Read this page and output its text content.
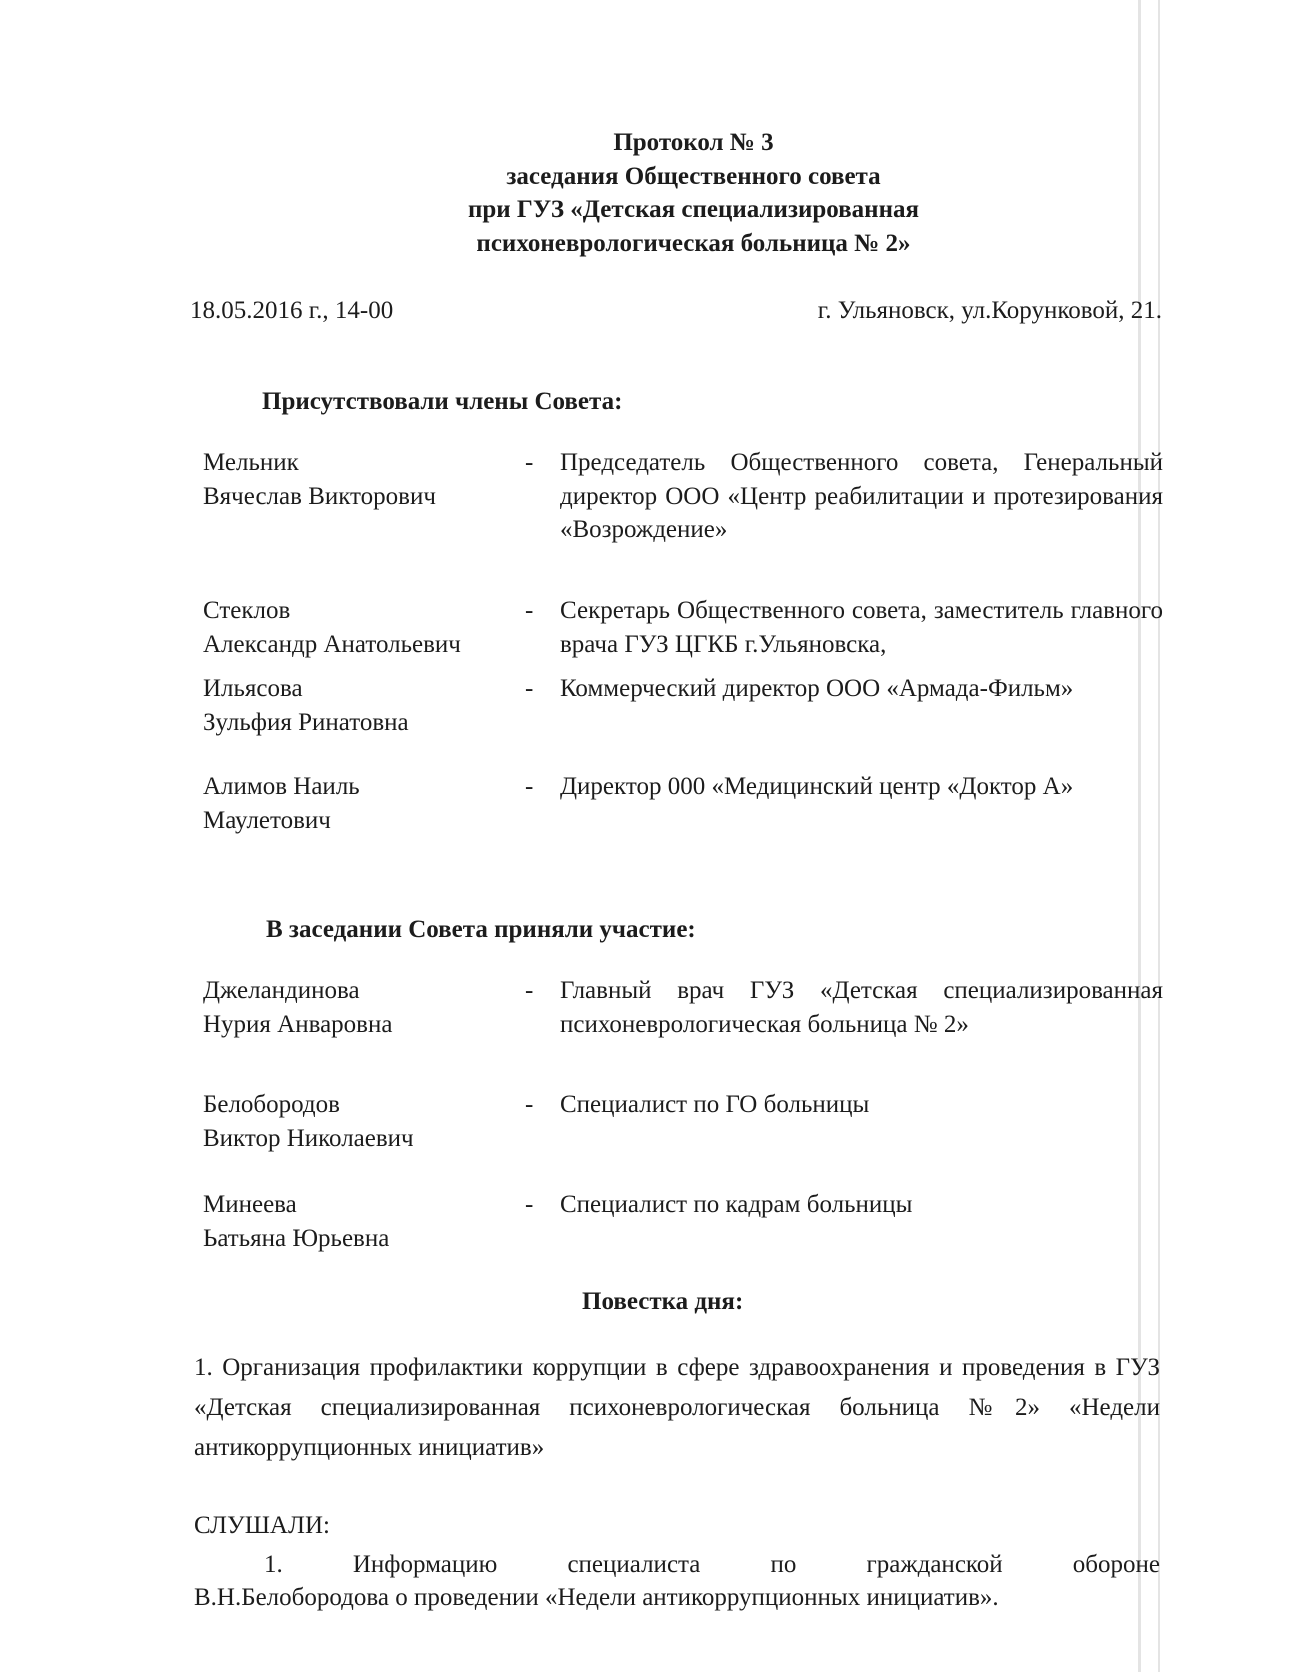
Протокол № 3
заседания Общественного совета
при ГУЗ «Детская специализированная
психоневрологическая больница № 2»
18.05.2016 г., 14-00	г. Ульяновск, ул.Корунковой, 21.
Присутствовали члены Совета:
Мельник
Вячеслав Викторович
- Председатель Общественного совета, Генеральный директор ООО «Центр реабилитации и протезирования «Возрождение»
Стеклов
Александр Анатольевич
- Секретарь Общественного совета, заместитель главного врача ГУЗ ЦГКБ г.Ульяновска,
Ильясова
Зульфия Ринатовна
- Коммерческий директор ООО «Армада-Фильм»
Алимов Наиль
Маулетович
- Директор 000 «Медицинский центр «Доктор А»
В заседании Совета приняли участие:
Джеландинова
Нурия Анваровна
- Главный врач ГУЗ «Детская специализированная психоневрологическая больница № 2»
Белобородов
Виктор Николаевич
- Специалист по ГО больницы
Минеева
Ьатьяна Юрьевна
- Специалист по кадрам больницы
Повестка дня:
1. Организация профилактики коррупции в сфере здравоохранения и проведения в ГУЗ «Детская специализированная психоневрологическая больница №2» «Недели антикоррупционных инициатив»
СЛУШАЛИ:
1. Информацию специалиста по гражданской обороне
В.Н.Белобородова о проведении «Недели антикоррупционных инициатив».
